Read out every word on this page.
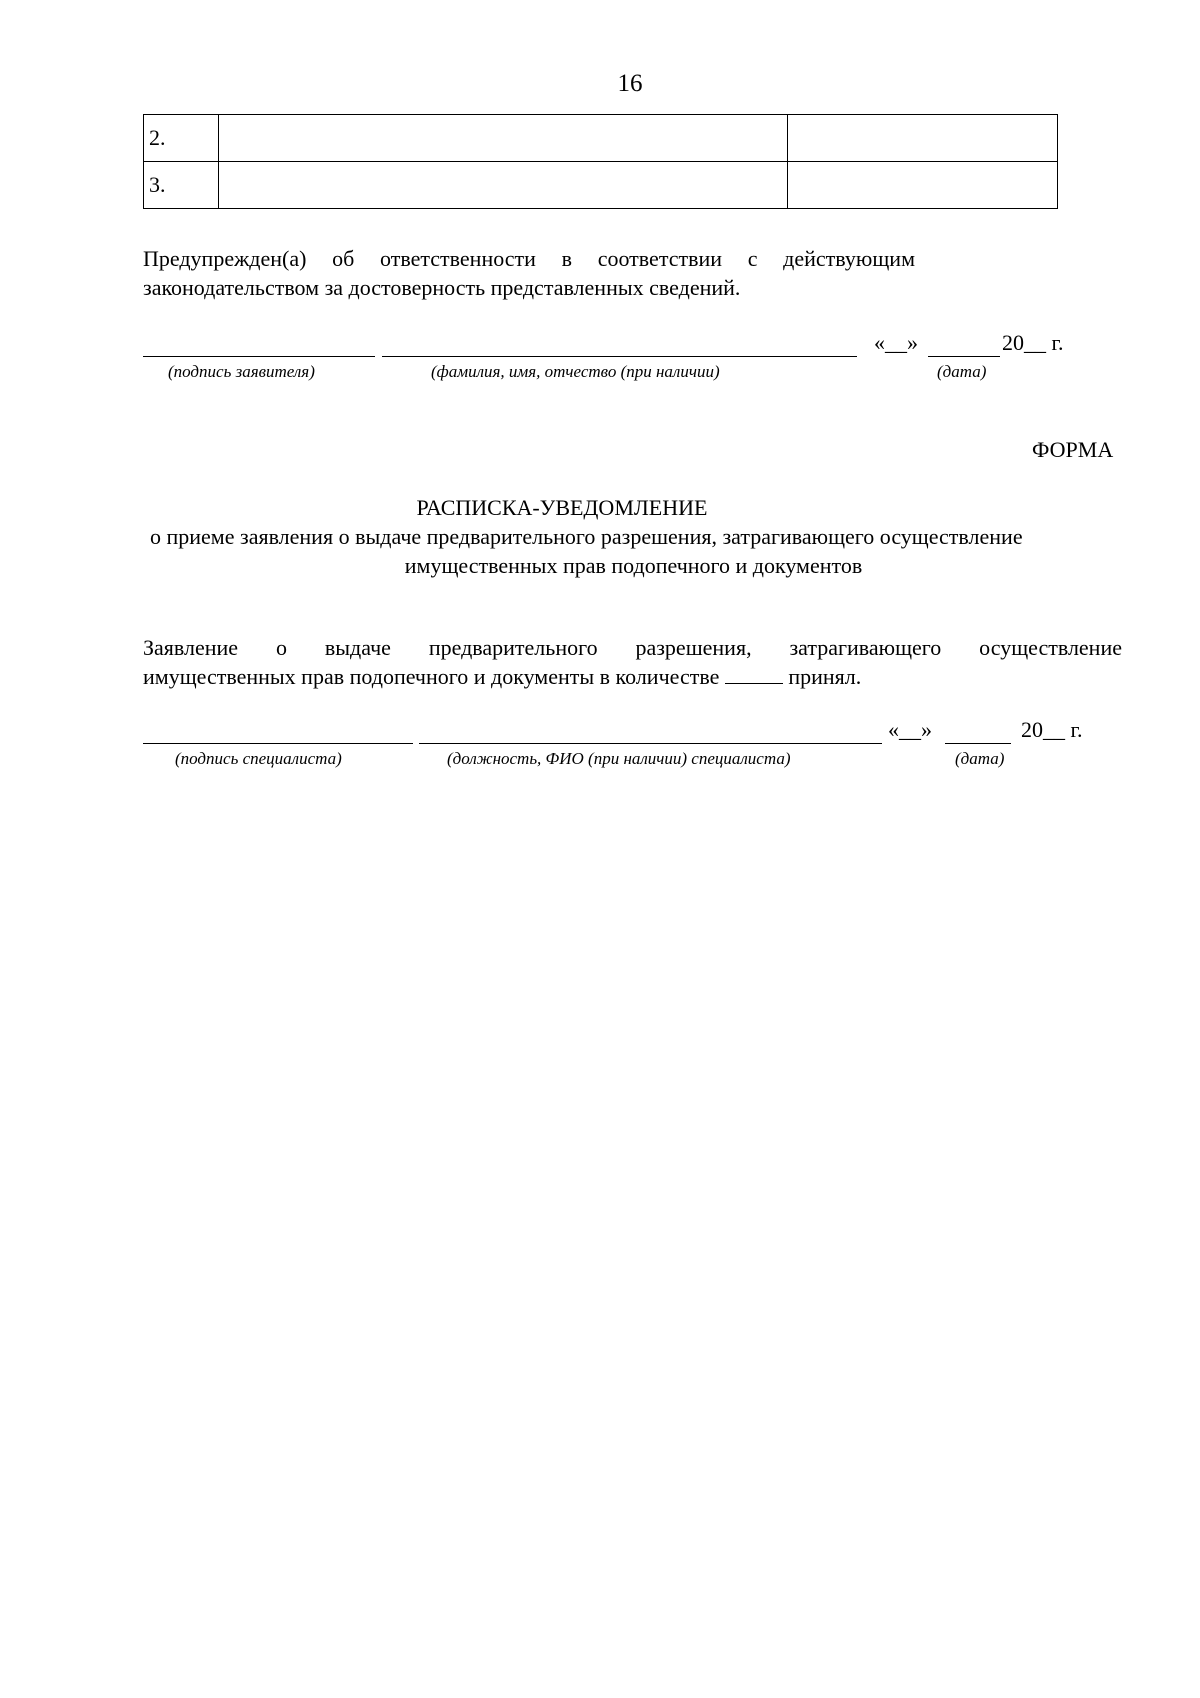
16
2.		
3.		
Предупрежден(а) об ответственности в соответствии с действующим
законодательством за достоверность представленных сведений.
«__»	20__ г.
(подпись заявителя)	(фамилия, имя, отчество (при наличии)	(дата)
ФОРМА
РАСПИСКА-УВЕДОМЛЕНИЕ
о приеме заявления о выдаче предварительного разрешения, затрагивающего осуществление
имущественных прав подопечного и документов
Заявление о выдаче предварительного разрешения, затрагивающего осуществление
имущественных прав подопечного и документы в количестве	принял.
«__»	20__ г.
(подпись специалиста)	(должность, ФИО (при наличии) специалиста)	(дата)
